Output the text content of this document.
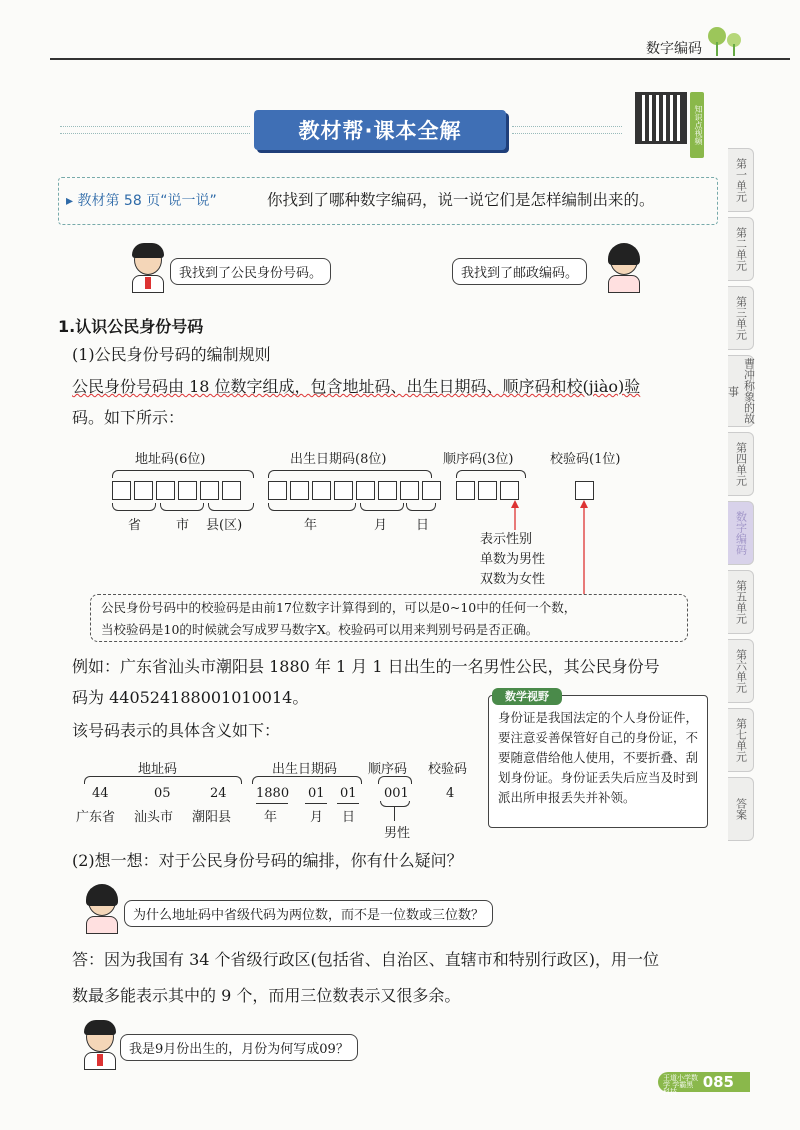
数字编码
教材帮·课本全解	知识点视频
▸ 教材第 58 页“说一说”	你找到了哪种数字编码，说一说它们是怎样编制出来的。
我找到了公民身份号码。	我找到了邮政编码。
1.认识公民身份号码
(1)公民身份号码的编制规则
公民身份号码由 18 位数字组成，包含地址码、出生日期码、顺序码和校(jiào)验
码。如下所示：
地址码(6位)	出生日期码(8位)	顺序码(3位)	校验码(1位)
省	市 县(区)	年	月 日
表示性别
单数为男性
双数为女性
公民身份号码中的校验码是由前17位数字计算得到的，可以是0~10中的任何一个数，
当校验码是10的时候就会写成罗马数字X。校验码可以用来判别号码是否正确。
例如：广东省汕头市潮阳县 1880 年 1 月 1 日出生的一名男性公民，其公民身份号
码为 440524188001010014。
该号码表示的具体含义如下：
地址码	出生日期码 顺序码 校验码
44	05	24 1880 01 01 001	4
广东省 汕头市 潮阳县	年	月 日
男性
数学视野
身份证是我国法定的个人身份证件，要注意妥善保管好自己的身份证，不要随意借给他人使用，不要折叠、刮划身份证。身份证丢失后应当及时到派出所申报丢失并补领。
(2)想一想：对于公民身份号码的编排，你有什么疑问？
为什么地址码中省级代码为两位数，而不是一位数或三位数？
答：因为我国有 34 个省级行政区(包括省、自治区、直辖市和特别行政区)，用一位
数最多能表示其中的 9 个，而用三位数表示又很多余。
我是9月份出生的，月份为何写成09？
第一单元
第二单元
第三单元
曹冲称象的故事
第四单元
数字编码
第五单元
第六单元
第七单元
答案
085
王道小学数学 学霸黑科技
